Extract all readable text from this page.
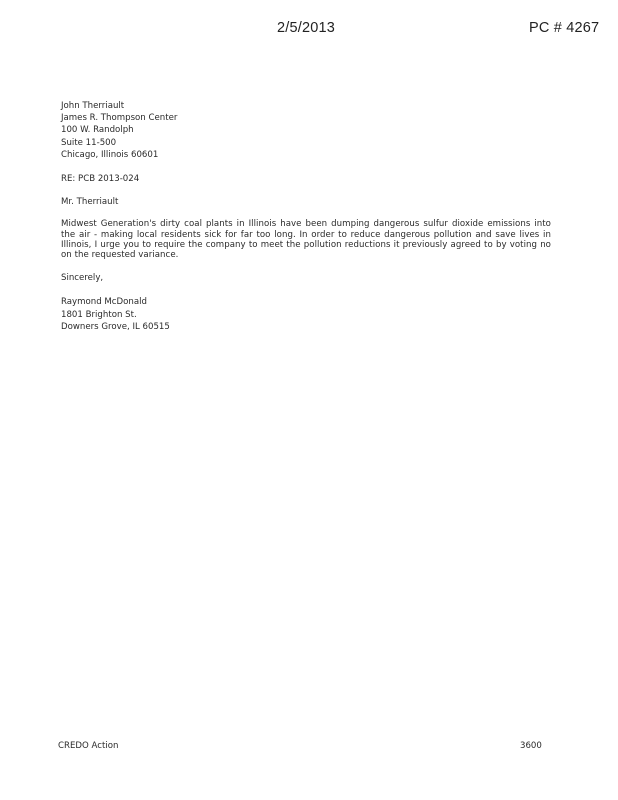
2/5/2013	PC # 4267
John Therriault
James R. Thompson Center
100 W. Randolph
Suite 11-500
Chicago, Illinois 60601
RE: PCB 2013-024
Mr. Therriault
Midwest Generation's dirty coal plants in Illinois have been dumping dangerous sulfur dioxide emissions into the air - making local residents sick for far too long. In order to reduce dangerous pollution and save lives in Illinois, I urge you to require the company to meet the pollution reductions it previously agreed to by voting no on the requested variance.
Sincerely,
Raymond McDonald
1801 Brighton St.
Downers Grove, IL 60515
CREDO Action	3600
